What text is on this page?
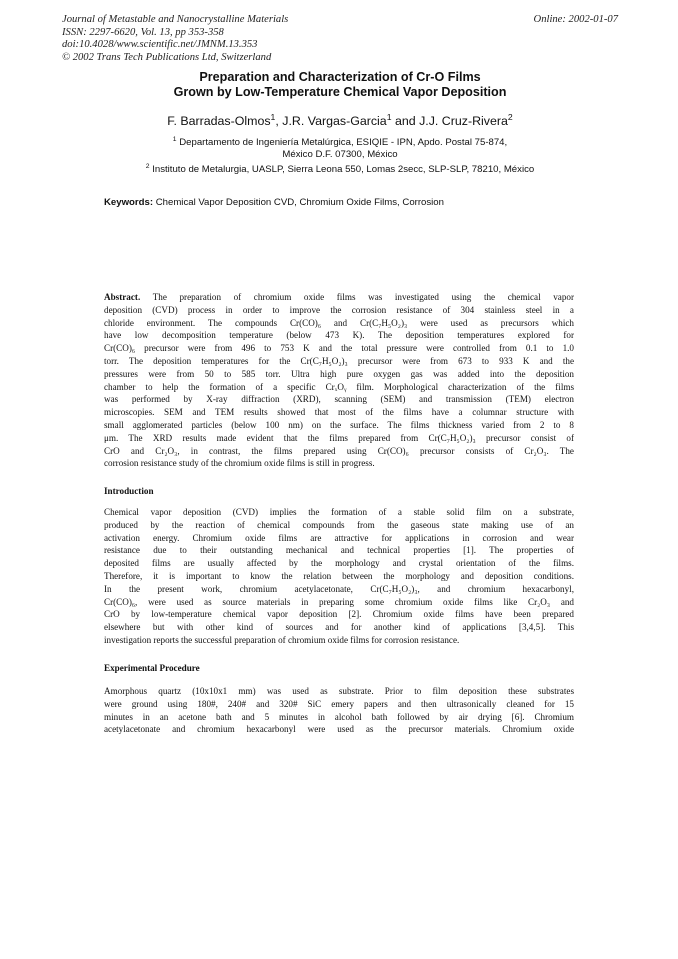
Journal of Metastable and Nanocrystalline Materials
ISSN: 2297-6620, Vol. 13, pp 353-358
doi:10.4028/www.scientific.net/JMNM.13.353
© 2002 Trans Tech Publications Ltd, Switzerland
Online: 2002-01-07
Preparation and Characterization of Cr-O Films
Grown by Low-Temperature Chemical Vapor Deposition
F. Barradas-Olmos$^1$, J.R. Vargas-Garcia$^1$ and J.J. Cruz-Rivera$^2$
$^1$ Departamento de Ingeniería Metalúrgica, ESIQIE - IPN, Apdo. Postal 75-874,
México D.F. 07300, México
$^2$ Instituto de Metalurgia, UASLP, Sierra Leona 550, Lomas 2secc, SLP-SLP, 78210, México
Keywords: Chemical Vapor Deposition CVD, Chromium Oxide Films, Corrosion
Abstract. The preparation of chromium oxide films was investigated using the chemical vapor
deposition (CVD) process in order to improve the corrosion resistance of 304 stainless steel in a
chloride environment. The compounds Cr(CO)₆ and Cr(C₇H₅O₂)₃ were used as precursors which
have low decomposition temperature (below 473 K). The deposition temperatures explored for
Cr(CO)₆ precursor were from 496 to 753 K and the total pressure were controlled from 0.1 to 1.0
torr. The deposition temperatures for the Cr(C₇H₅O₂)₃ precursor were from 673 to 933 K and the
pressures were from 50 to 585 torr. Ultra high pure oxygen gas was added into the deposition
chamber to help the formation of a specific CrₓOᵧ film. Morphological characterization of the films
was performed by X-ray diffraction (XRD), scanning (SEM) and transmission (TEM) electron
microscopies. SEM and TEM results showed that most of the films have a columnar structure with
small agglomerated particles (below 100 nm) on the surface. The films thickness varied from 2 to 8
μm. The XRD results made evident that the films prepared from Cr(C₇H₅O₂)₃ precursor consist of
CrO and Cr₂O₃, in contrast, the films prepared using Cr(CO)₆ precursor consists of Cr₂O₃. The
corrosion resistance study of the chromium oxide films is still in progress.
Introduction
Chemical vapor deposition (CVD) implies the formation of a stable solid film on a substrate,
produced by the reaction of chemical compounds from the gaseous state making use of an
activation energy. Chromium oxide films are attractive for applications in corrosion and wear
resistance due to their outstanding mechanical and technical properties [1]. The properties of
deposited films are usually affected by the morphology and crystal orientation of the films.
Therefore, it is important to know the relation between the morphology and deposition conditions.
In the present work, chromium acetylacetonate, Cr(C₇H₅O₂)₃, and chromium hexacarbonyl,
Cr(CO)₆, were used as source materials in preparing some chromium oxide films like Cr₂O₃ and
CrO by low-temperature chemical vapor deposition [2]. Chromium oxide films have been prepared
elsewhere but with other kind of sources and for another kind of applications [3,4,5]. This
investigation reports the successful preparation of chromium oxide films for corrosion resistance.
Experimental Procedure
Amorphous quartz (10x10x1 mm) was used as substrate. Prior to film deposition these substrates
were ground using 180#, 240# and 320# SiC emery papers and then ultrasonically cleaned for 15
minutes in an acetone bath and 5 minutes in alcohol bath followed by air drying [6]. Chromium
acetylacetonate and chromium hexacarbonyl were used as the precursor materials. Chromium oxide
